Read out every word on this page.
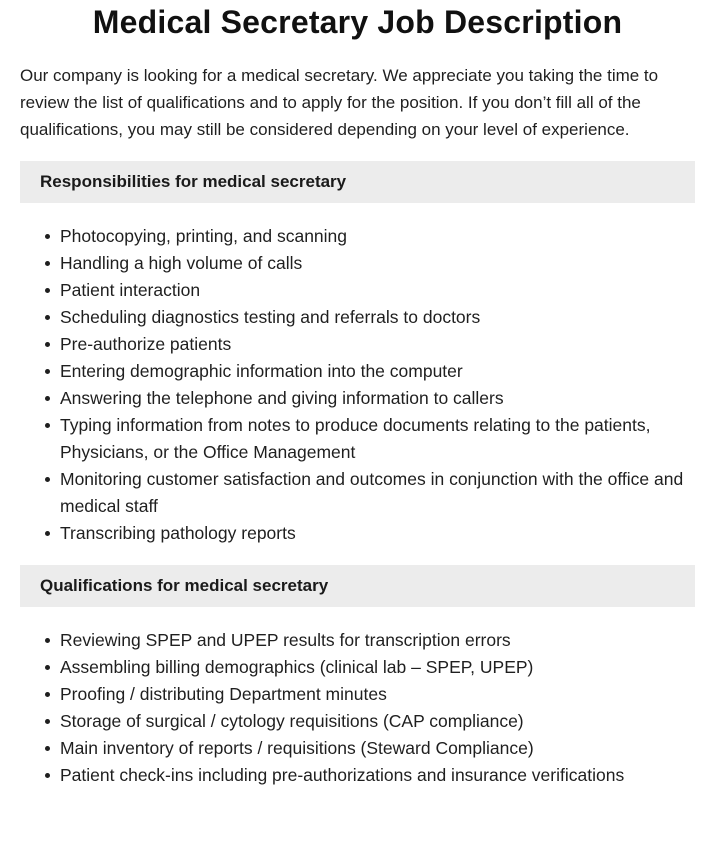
Medical Secretary Job Description

Our company is looking for a medical secretary. We appreciate you taking the time to review the list of qualifications and to apply for the position. If you don’t fill all of the qualifications, you may still be considered depending on your level of experience.

Responsibilities for medical secretary
Photocopying, printing, and scanning
Handling a high volume of calls
Patient interaction
Scheduling diagnostics testing and referrals to doctors
Pre-authorize patients
Entering demographic information into the computer
Answering the telephone and giving information to callers
Typing information from notes to produce documents relating to the patients, Physicians, or the Office Management
Monitoring customer satisfaction and outcomes in conjunction with the office and medical staff
Transcribing pathology reports
Qualifications for medical secretary
Reviewing SPEP and UPEP results for transcription errors
Assembling billing demographics (clinical lab – SPEP, UPEP)
Proofing / distributing Department minutes
Storage of surgical / cytology requisitions (CAP compliance)
Main inventory of reports / requisitions (Steward Compliance)
Patient check-ins including pre-authorizations and insurance verifications
